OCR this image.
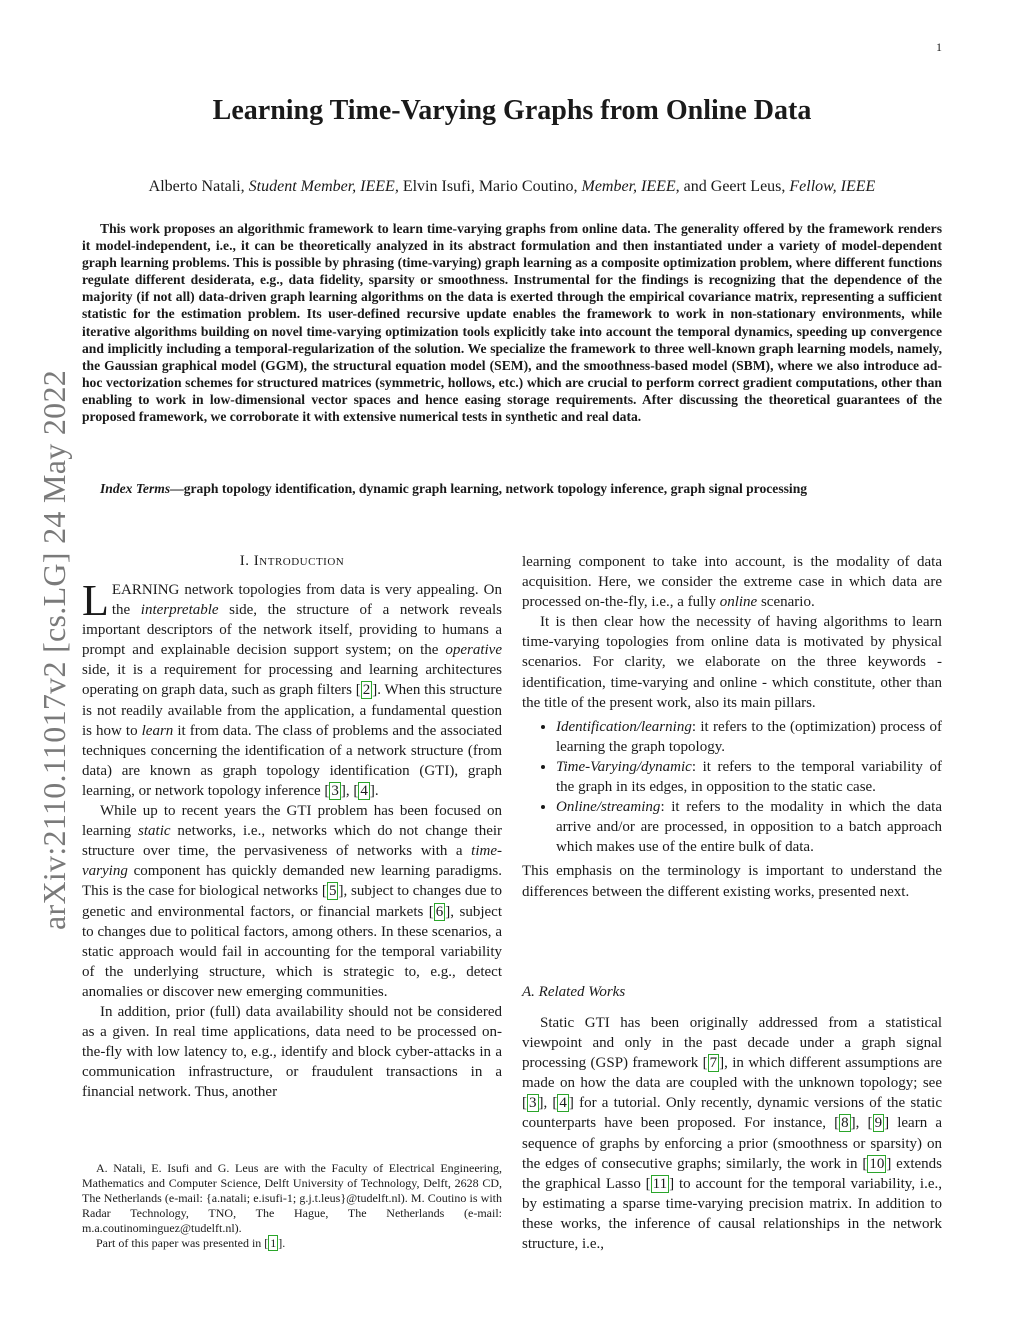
1
Learning Time-Varying Graphs from Online Data
Alberto Natali, Student Member, IEEE, Elvin Isufi, Mario Coutino, Member, IEEE, and Geert Leus, Fellow, IEEE

This work proposes an algorithmic framework to learn time-varying graphs from online data. The generality offered by the framework renders it model-independent, i.e., it can be theoretically analyzed in its abstract formulation and then instantiated under a variety of model-dependent graph learning problems. This is possible by phrasing (time-varying) graph learning as a composite optimization problem, where different functions regulate different desiderata, e.g., data fidelity, sparsity or smoothness. Instrumental for the findings is recognizing that the dependence of the majority (if not all) data-driven graph learning algorithms on the data is exerted through the empirical covariance matrix, representing a sufficient statistic for the estimation problem. Its user-defined recursive update enables the framework to work in non-stationary environments, while iterative algorithms building on novel time-varying optimization tools explicitly take into account the temporal dynamics, speeding up convergence and implicitly including a temporal-regularization of the solution. We specialize the framework to three well-known graph learning models, namely, the Gaussian graphical model (GGM), the structural equation model (SEM), and the smoothness-based model (SBM), where we also introduce ad-hoc vectorization schemes for structured matrices (symmetric, hollows, etc.) which are crucial to perform correct gradient computations, other than enabling to work in low-dimensional vector spaces and hence easing storage requirements. After discussing the theoretical guarantees of the proposed framework, we corroborate it with extensive numerical tests in synthetic and real data.

Index Terms—graph topology identification, dynamic graph learning, network topology inference, graph signal processing
arXiv:2110.11017v2 [cs.LG] 24 May 2022	I. Introduction

LEARNING network topologies from data is very appealing. On the interpretable side, the structure of a network reveals important descriptors of the network itself, providing to humans a prompt and explainable decision support system; on the operative side, it is a requirement for processing and learning architectures operating on graph data, such as graph filters [ 2 ]. When this structure is not readily available from the application, a fundamental question is how to learn it from data. The class of problems and the associated techniques concerning the identification of a network structure (from data) are known as graph topology identification (GTI), graph learning, or network topology inference [ 3 ], [ 4 ].

While up to recent years the GTI problem has been focused on learning static networks, i.e., networks which do not change their structure over time, the pervasiveness of networks with a time-varying component has quickly demanded new learning paradigms. This is the case for biological networks [ 5 ], subject to changes due to genetic and environmental factors, or financial markets [ 6 ], subject to changes due to political factors, among others. In these scenarios, a static approach would fail in accounting for the temporal variability of the underlying structure, which is strategic to, e.g., detect anomalies or discover new emerging communities.

In addition, prior (full) data availability should not be considered as a given. In real time applications, data need to be processed on-the-fly with low latency to, e.g., identify and block cyber-attacks in a communication infrastructure, or fraudulent transactions in a financial network. Thus, another

learning component to take into account, is the modality of data acquisition. Here, we consider the extreme case in which data are processed on-the-fly, i.e., a fully online scenario.

It is then clear how the necessity of having algorithms to learn time-varying topologies from online data is motivated by physical scenarios. For clarity, we elaborate on the three keywords - identification, time-varying and online - which constitute, other than the title of the present work, also its main pillars.

• Identification/learning: it refers to the (optimization) process of learning the graph topology.
• Time-Varying/dynamic: it refers to the temporal variability of the graph in its edges, in opposition to the static case.
• Online/streaming: it refers to the modality in which the data arrive and/or are processed, in opposition to a batch approach which makes use of the entire bulk of data.

This emphasis on the terminology is important to understand the differences between the different existing works, presented next.

A. Related Works

Static GTI has been originally addressed from a statistical viewpoint and only in the past decade under a graph signal processing (GSP) framework [ 7 ], in which different assumptions are made on how the data are coupled with the unknown topology; see [ 3 ], [ 4 ] for a tutorial. Only recently, dynamic versions of the static counterparts have been proposed. For instance, [ 8 ], [ 9 ] learn a sequence of graphs by enforcing a prior (smoothness or sparsity) on the edges of consecutive graphs; similarly, the work in [ 10 ] extends the graphical Lasso [ 11 ] to account for the temporal variability, i.e., by estimating a sparse time-varying precision matrix. In addition to these works, the inference of causal relationships in the network structure, i.e.,

A. Natali, E. Isufi and G. Leus are with the Faculty of Electrical Engineering, Mathematics and Computer Science, Delft University of Technology, Delft, 2628 CD, The Netherlands (e-mail: {a.natali; e.isufi-1; g.j.t.leus}@tudelft.nl). M. Coutino is with Radar Technology, TNO, The Hague, The Netherlands (e-mail: m.a.coutinominguez@tudelft.nl).

Part of this paper was presented in [ 1 ].
